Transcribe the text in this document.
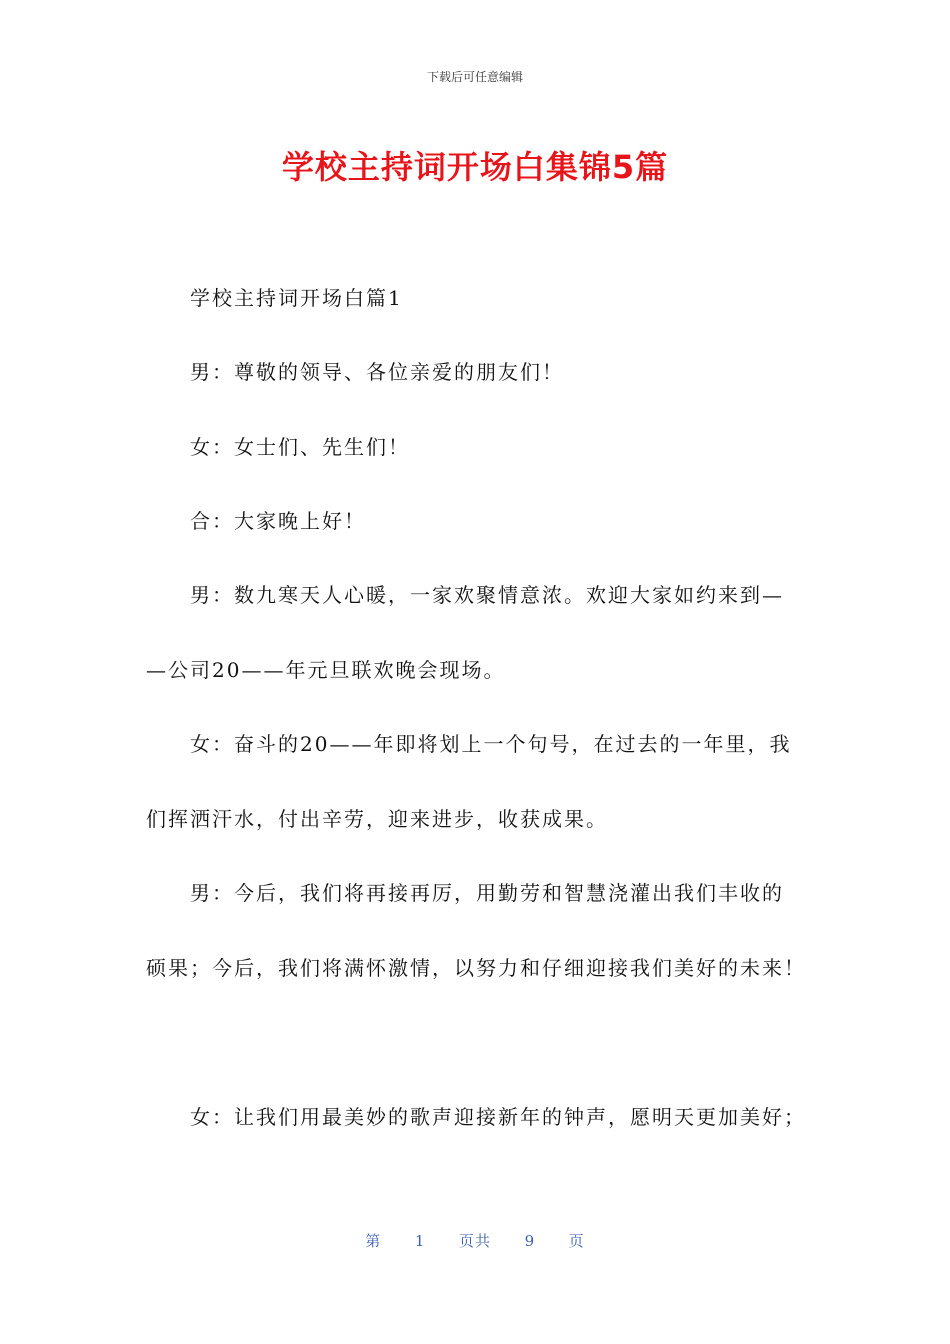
下载后可任意编辑
学校主持词开场白集锦5篇
学校主持词开场白篇1
男：尊敬的领导、各位亲爱的朋友们！
女：女士们、先生们！
合：大家晚上好！
男：数九寒天人心暖，一家欢聚情意浓。欢迎大家如约来到—
—公司20——年元旦联欢晚会现场。
女：奋斗的20——年即将划上一个句号，在过去的一年里，我
们挥洒汗水，付出辛劳，迎来进步，收获成果。
男：今后，我们将再接再厉，用勤劳和智慧浇灌出我们丰收的
硕果；今后，我们将满怀激情，以努力和仔细迎接我们美好的未来！
女：让我们用最美妙的歌声迎接新年的钟声，愿明天更加美好；
第 1 页共 9 页
